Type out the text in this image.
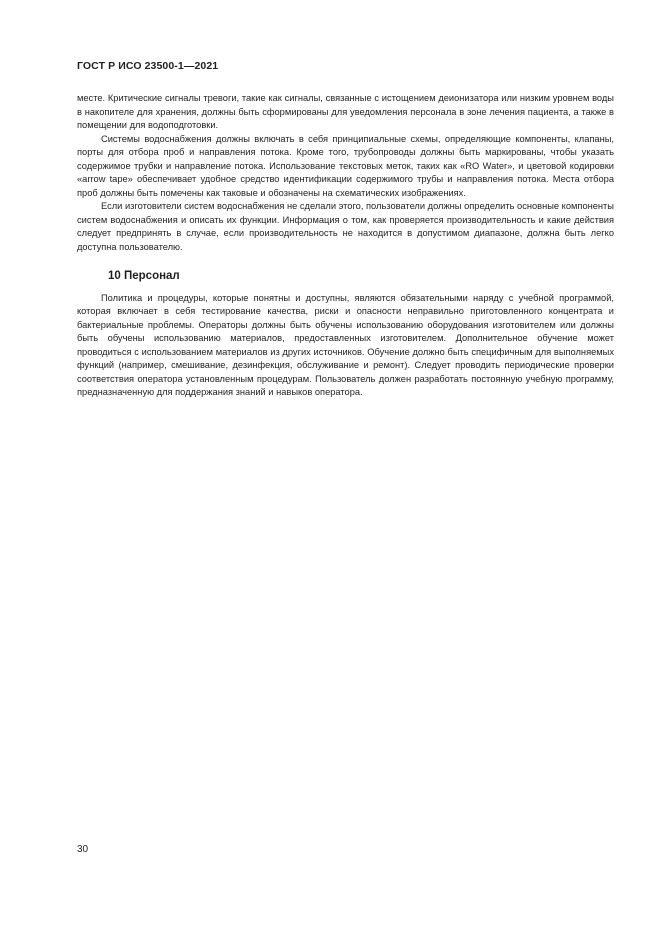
ГОСТ Р ИСО 23500-1—2021

месте. Критические сигналы тревоги, такие как сигналы, связанные с истощением деионизатора или низким уровнем воды в накопителе для хранения, должны быть сформированы для уведомления персонала в зоне лечения пациента, а также в помещении для водоподготовки.

Системы водоснабжения должны включать в себя принципиальные схемы, определяющие компоненты, клапаны, порты для отбора проб и направления потока. Кроме того, трубопроводы должны быть маркированы, чтобы указать содержимое трубки и направление потока. Использование текстовых меток, таких как «RO Water», и цветовой кодировки «arrow tape» обеспечивает удобное средство идентификации содержимого трубы и направления потока. Места отбора проб должны быть помечены как таковые и обозначены на схематических изображениях.

Если изготовители систем водоснабжения не сделали этого, пользователи должны определить основные компоненты систем водоснабжения и описать их функции. Информация о том, как проверяется производительность и какие действия следует предпринять в случае, если производительность не находится в допустимом диапазоне, должна быть легко доступна пользователю.

10 Персонал

Политика и процедуры, которые понятны и доступны, являются обязательными наряду с учебной программой, которая включает в себя тестирование качества, риски и опасности неправильно приготовленного концентрата и бактериальные проблемы. Операторы должны быть обучены использованию оборудования изготовителем или должны быть обучены использованию материалов, предоставленных изготовителем. Дополнительное обучение может проводиться с использованием материалов из других источников. Обучение должно быть специфичным для выполняемых функций (например, смешивание, дезинфекция, обслуживание и ремонт). Следует проводить периодические проверки соответствия оператора установленным процедурам. Пользователь должен разработать постоянную учебную программу, предназначенную для поддержания знаний и навыков оператора.

30
